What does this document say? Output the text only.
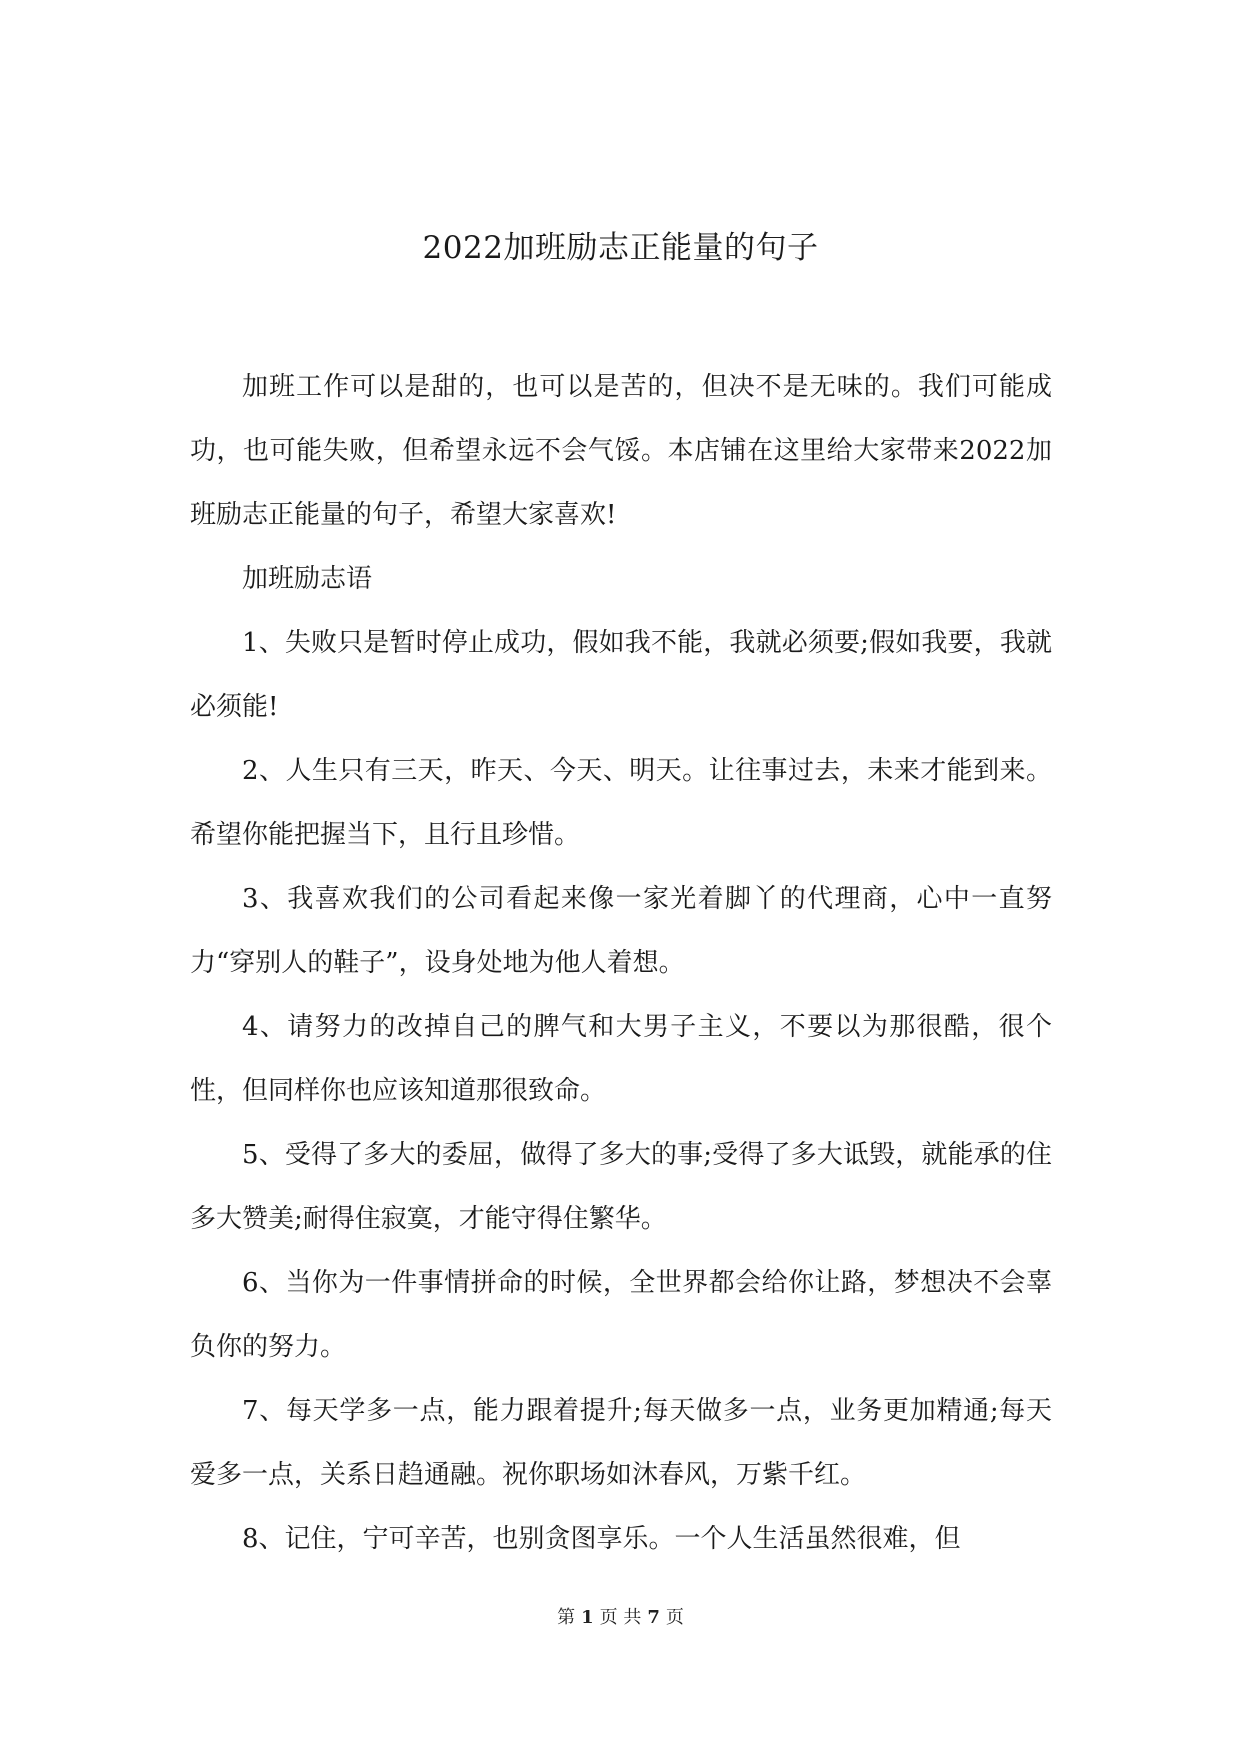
2022加班励志正能量的句子

加班工作可以是甜的，也可以是苦的，但决不是无味的。我们可能成功，也可能失败，但希望永远不会气馁。本店铺在这里给大家带来2022加班励志正能量的句子，希望大家喜欢!

加班励志语

1、失败只是暂时停止成功，假如我不能，我就必须要;假如我要，我就必须能!

2、人生只有三天，昨天、今天、明天。让往事过去，未来才能到来。希望你能把握当下，且行且珍惜。

3、我喜欢我们的公司看起来像一家光着脚丫的代理商，心中一直努力“穿别人的鞋子”，设身处地为他人着想。

4、请努力的改掉自己的脾气和大男子主义，不要以为那很酷，很个性，但同样你也应该知道那很致命。

5、受得了多大的委屈，做得了多大的事;受得了多大诋毁，就能承的住多大赞美;耐得住寂寞，才能守得住繁华。

6、当你为一件事情拼命的时候，全世界都会给你让路，梦想决不会辜负你的努力。

7、每天学多一点，能力跟着提升;每天做多一点，业务更加精通;每天爱多一点，关系日趋通融。祝你职场如沐春风，万紫千红。

8、记住，宁可辛苦，也别贪图享乐。一个人生活虽然很难，但

第 1 页 共 7 页
